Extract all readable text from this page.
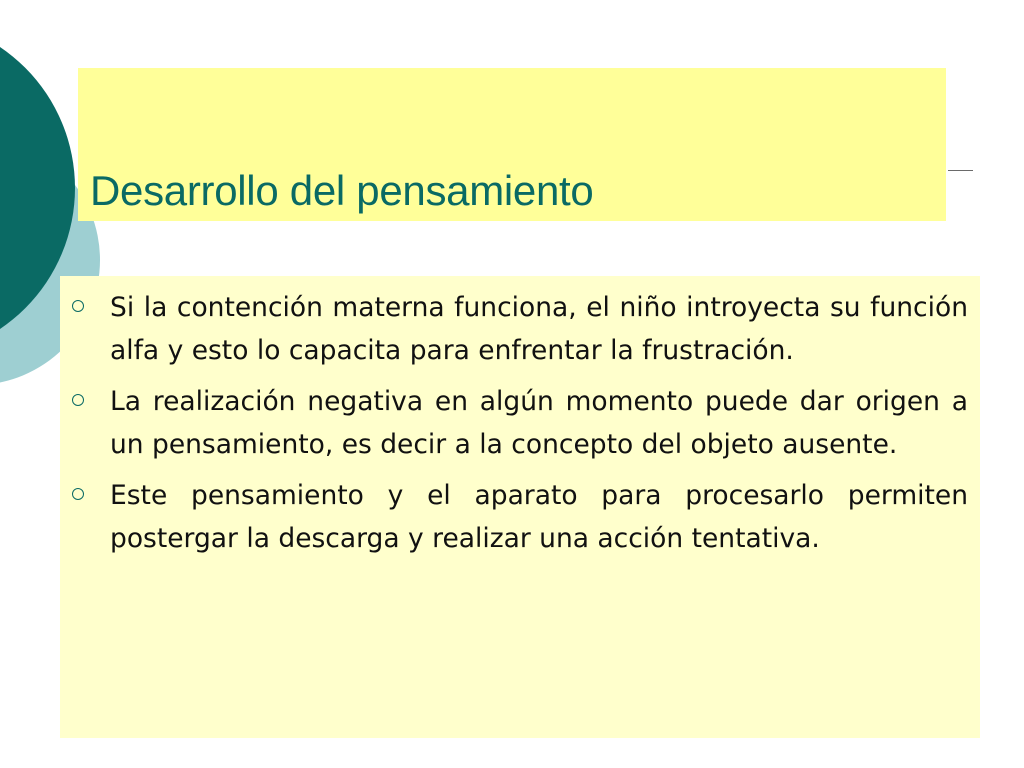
Desarrollo del pensamiento
Si la contención materna funciona, el niño introyecta su función alfa y esto lo capacita para enfrentar la frustración.
La realización negativa en algún momento puede dar origen a un pensamiento, es decir a la concepto del objeto ausente.
Este pensamiento y el aparato para procesarlo permiten postergar la descarga y realizar una acción tentativa.
